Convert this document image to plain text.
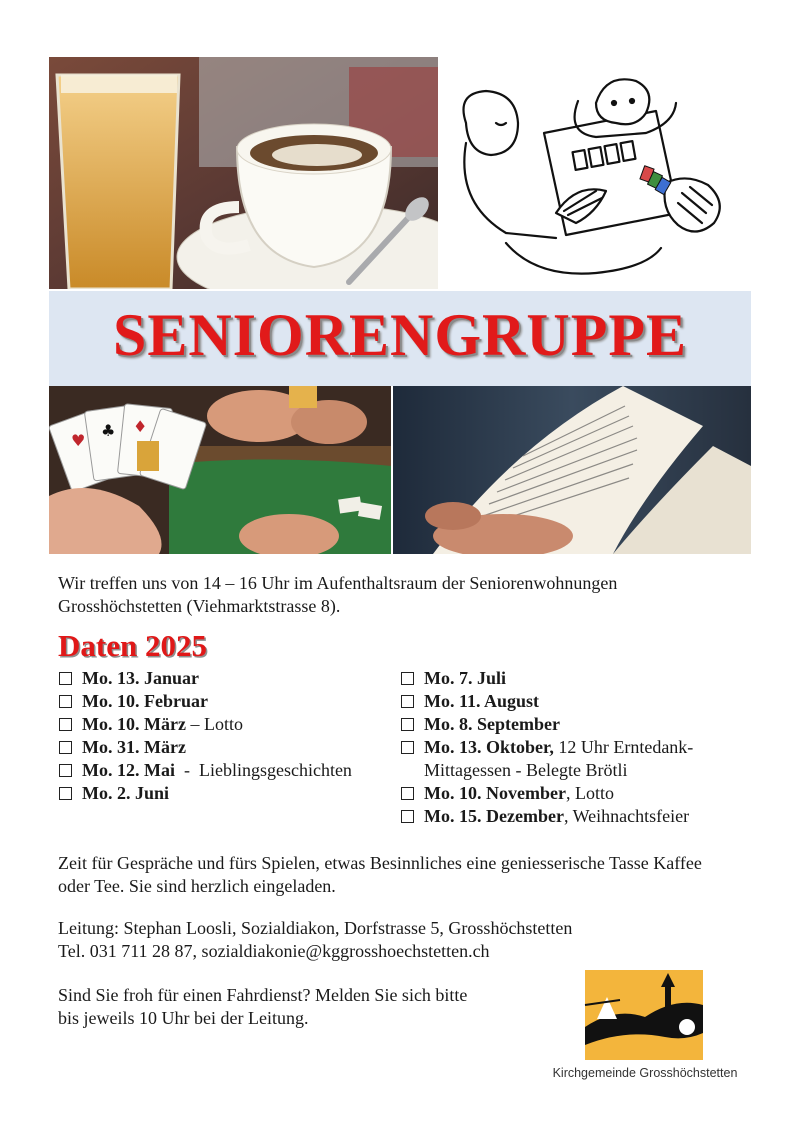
SENIORENGRUPPE
♥
♣ ♦
Wir treffen uns von 14 – 16 Uhr im Aufenthaltsraum der Seniorenwohnungen
Grosshöchstetten (Viehmarktstrasse 8).
Daten 2025
Mo. 13. Januar
Mo. 10. Februar
Mo. 10. März – Lotto
Mo. 31. März
Mo. 12. Mai  -  Lieblingsgeschichten
Mo. 2. Juni
Mo. 7. Juli
Mo. 11. August
Mo. 8. September
Mo. 13. Oktober, 12 Uhr Erntedank-
Mittagessen - Belegte Brötli
Mo. 10. November, Lotto
Mo. 15. Dezember, Weihnachtsfeier
Zeit für Gespräche und fürs Spielen, etwas Besinnliches eine geniesserische Tasse Kaffee
oder Tee. Sie sind herzlich eingeladen.
Leitung: Stephan Loosli, Sozialdiakon, Dorfstrasse 5, Grosshöchstetten
Tel. 031 711 28 87, sozialdiakonie@kggrosshoechstetten.ch
Sind Sie froh für einen Fahrdienst? Melden Sie sich bitte
bis jeweils 10 Uhr bei der Leitung.
Kirchgemeinde Grosshöchstetten
